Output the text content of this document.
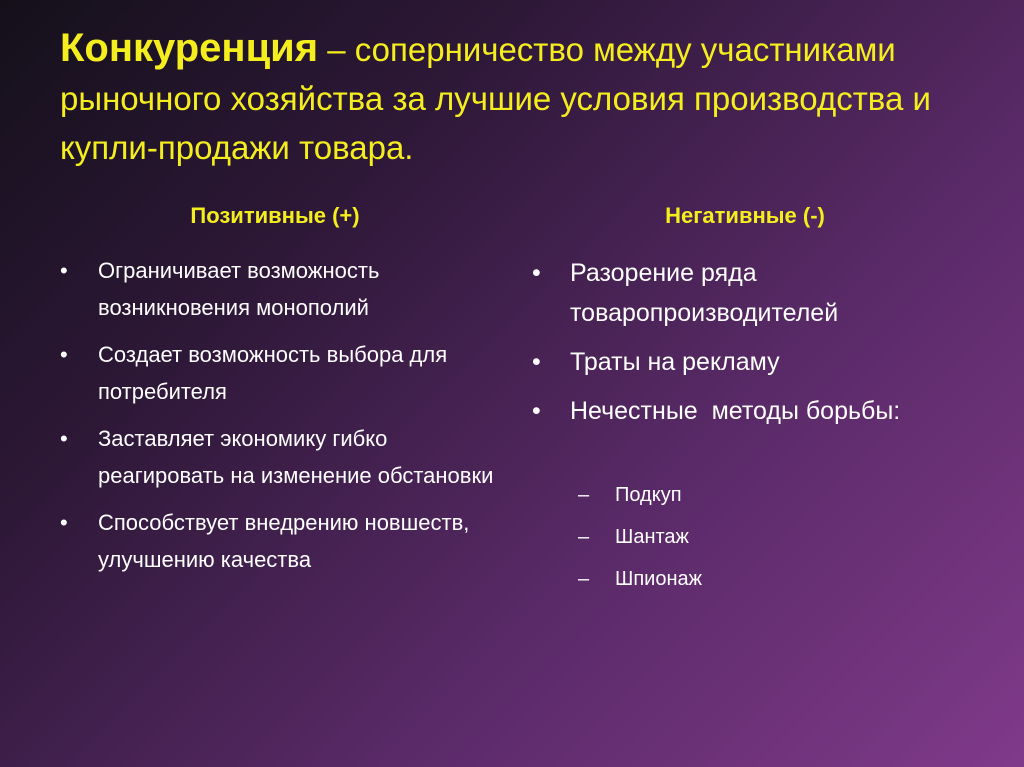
Конкуренция – соперничество между участниками рыночного хозяйства за лучшие условия производства и купли-продажи товара.
Позитивные (+)	Негативные (-)
• Ограничивает возможность возникновения монополий
• Создает возможность выбора для потребителя
• Заставляет экономику гибко реагировать на изменение обстановки
• Способствует внедрению новшеств, улучшению качества
• Разорение ряда товаропроизводителей
• Траты на рекламу
• Нечестные  методы борьбы:
– Подкуп
– Шантаж
– Шпионаж
